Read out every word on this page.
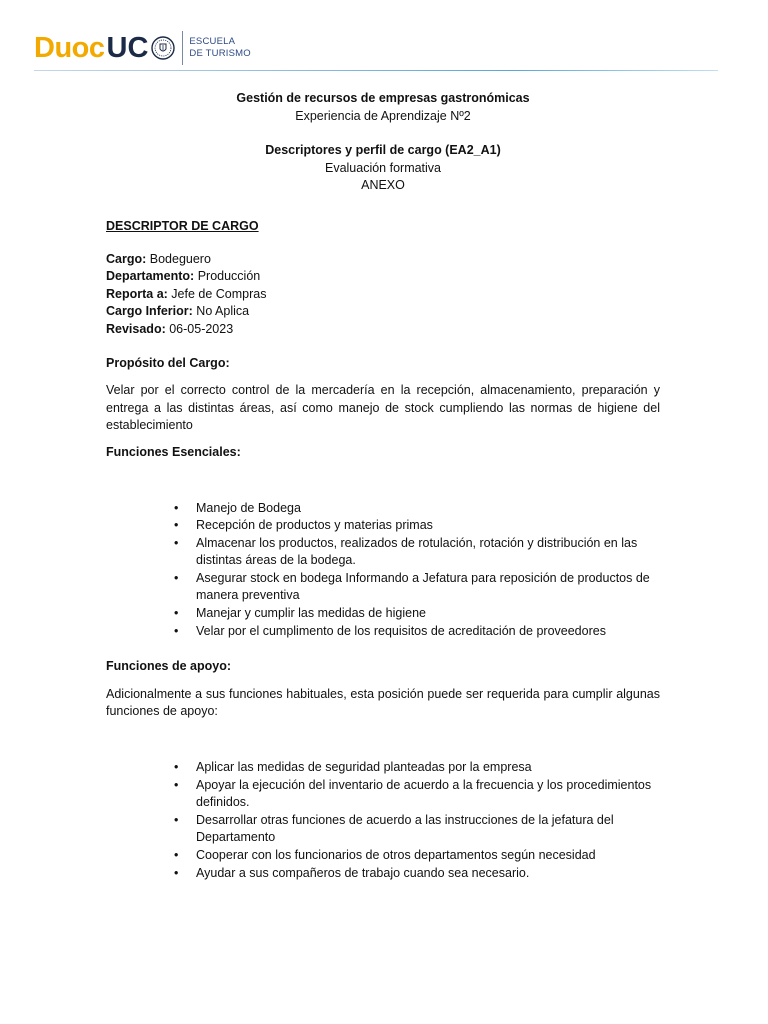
Duoc UC	ESCUELA
DE TURISMO
Gestión de recursos de empresas gastronómicas
Experiencia de Aprendizaje Nº2
Descriptores y perfil de cargo (EA2_A1)
Evaluación formativa
ANEXO
DESCRIPTOR DE CARGO
Cargo: Bodeguero
Departamento: Producción
Reporta a: Jefe de Compras
Cargo Inferior: No Aplica
Revisado: 06-05-2023
Propósito del Cargo:

Velar por el correcto control de la mercadería en la recepción, almacenamiento, preparación y entrega a las distintas áreas, así como manejo de stock cumpliendo las normas de higiene del establecimiento

Funciones Esenciales:
• Manejo de Bodega
• Recepción de productos y materias primas
• Almacenar los productos, realizados de rotulación, rotación y distribución en las distintas áreas de la bodega.
• Asegurar stock en bodega Informando a Jefatura para reposición de productos de manera preventiva
• Manejar y cumplir las medidas de higiene
• Velar por el cumplimento de los requisitos de acreditación de proveedores
Funciones de apoyo:

Adicionalmente a sus funciones habituales, esta posición puede ser requerida para cumplir algunas funciones de apoyo:

• Aplicar las medidas de seguridad planteadas por la empresa
• Apoyar la ejecución del inventario de acuerdo a la frecuencia y los procedimientos definidos.
• Desarrollar otras funciones de acuerdo a las instrucciones de la jefatura del Departamento
• Cooperar con los funcionarios de otros departamentos según necesidad
• Ayudar a sus compañeros de trabajo cuando sea necesario.
